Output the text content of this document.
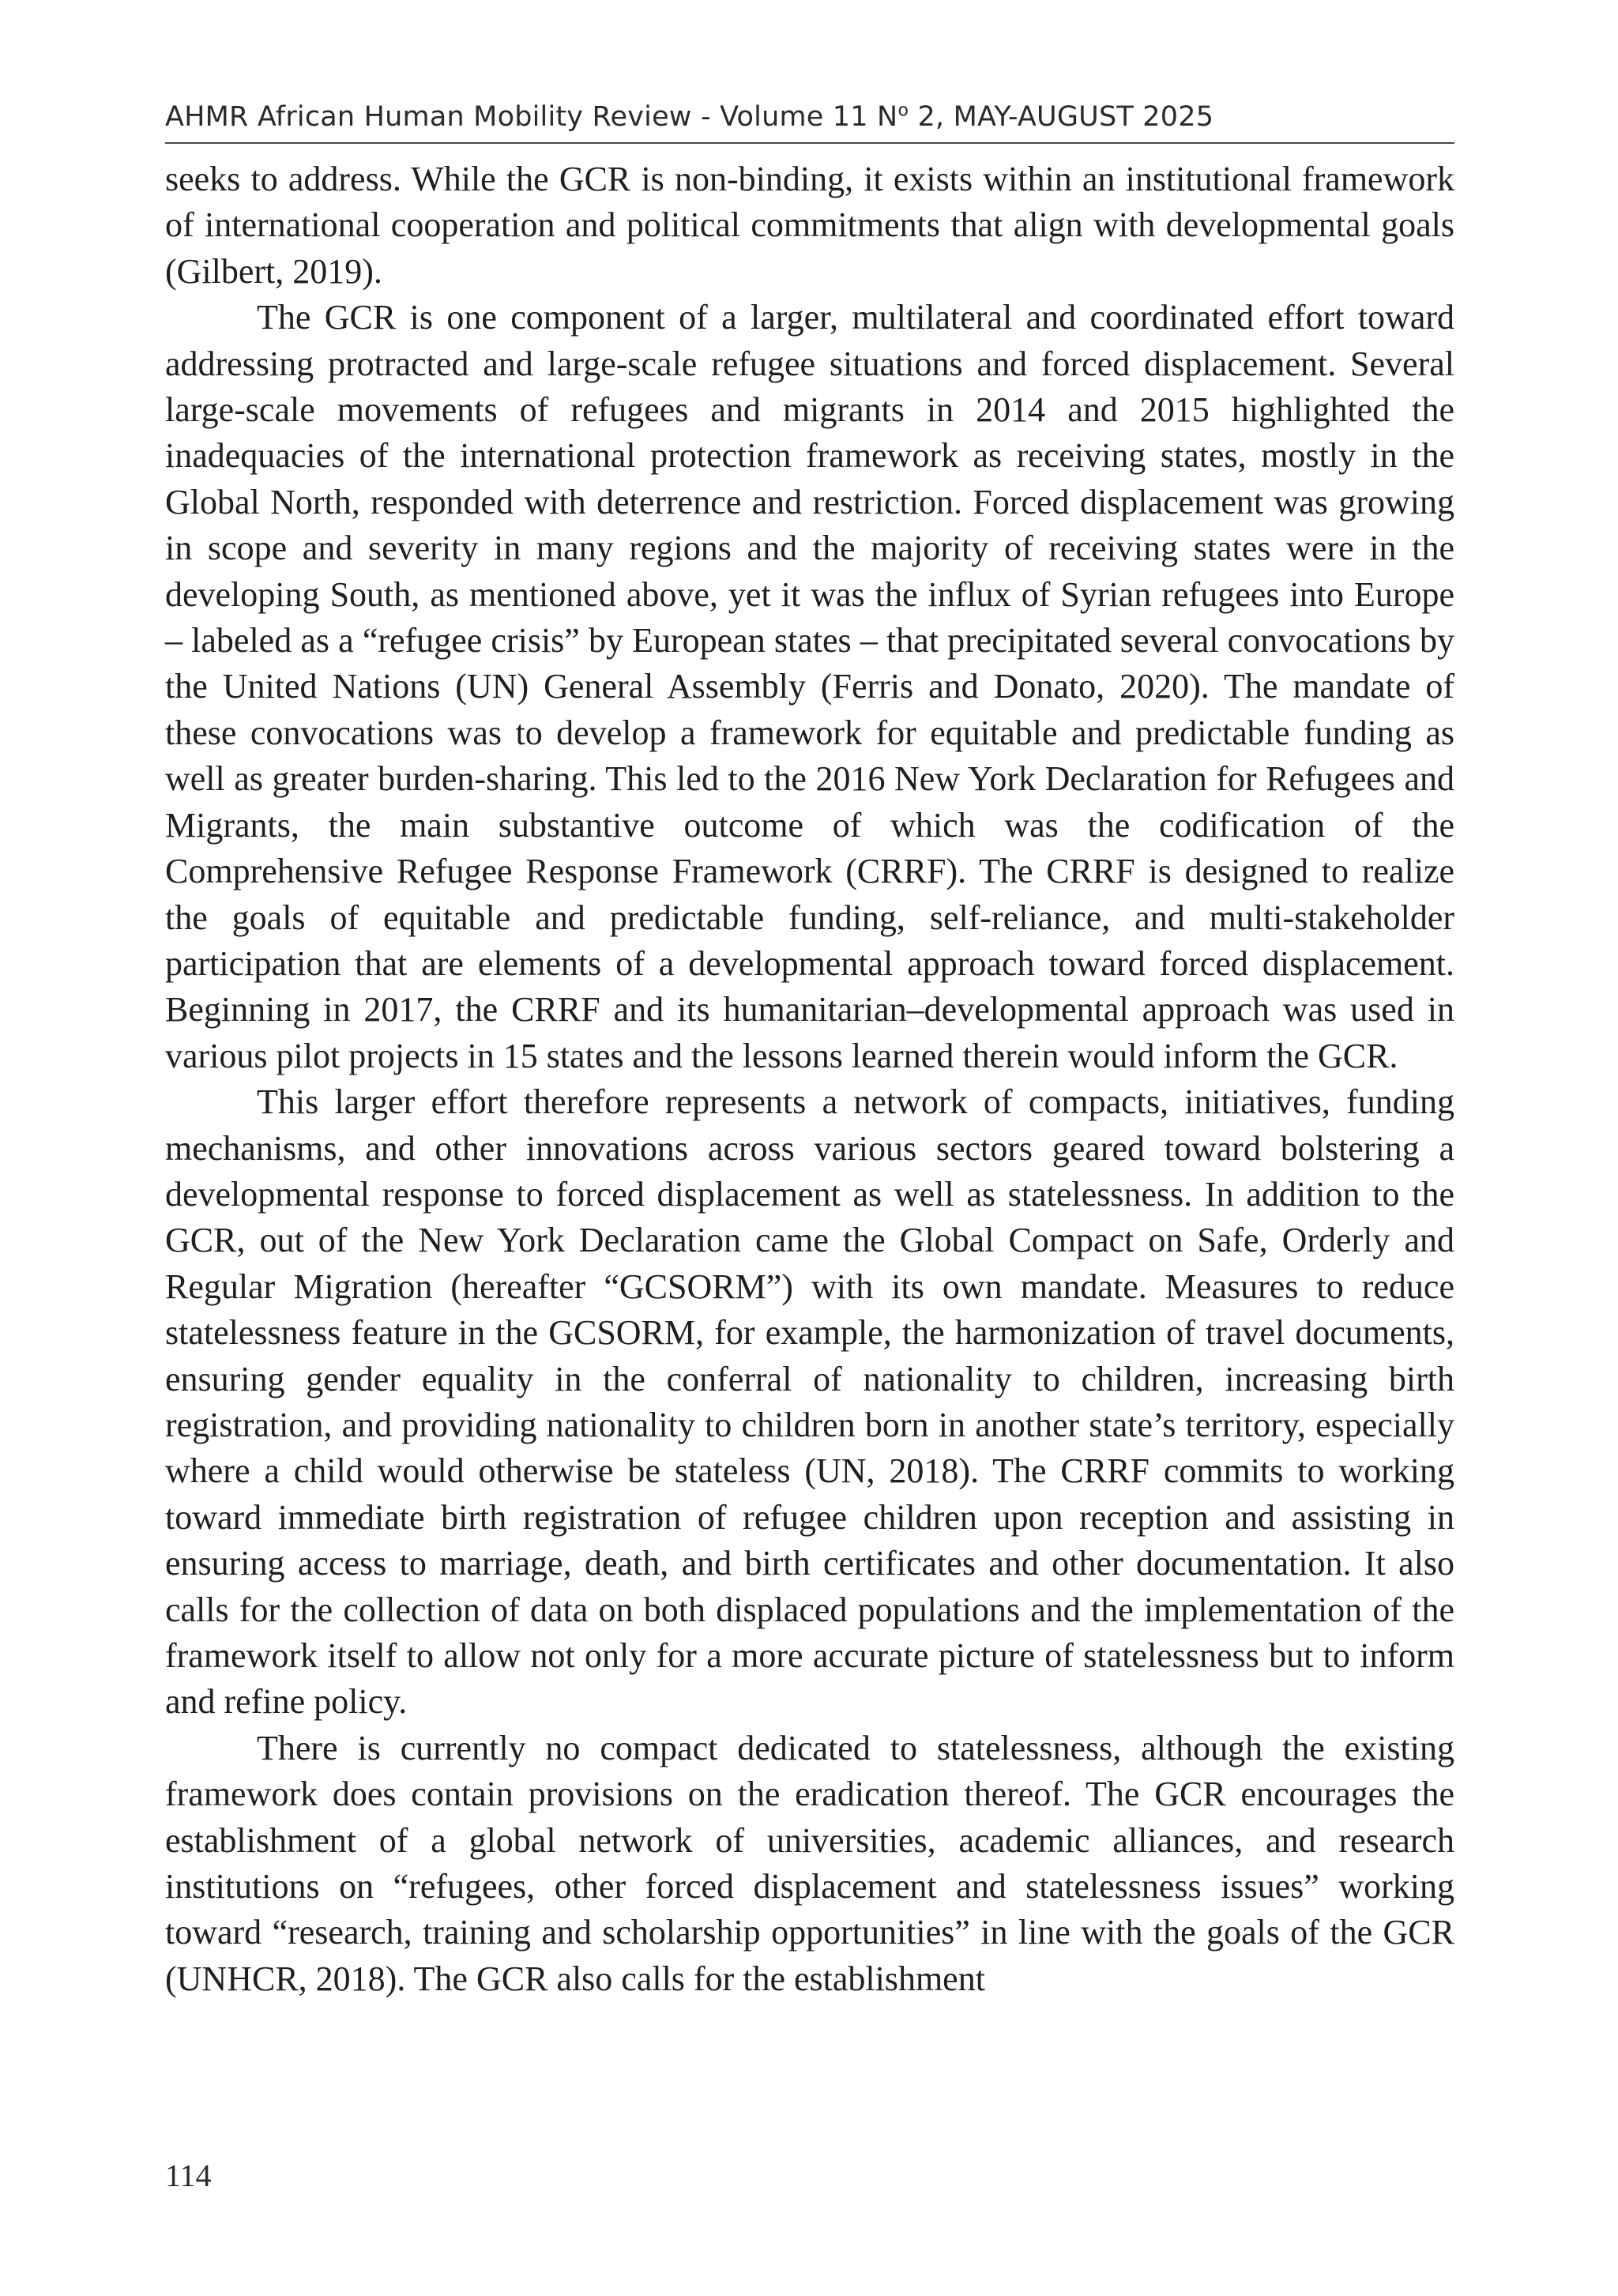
AHMR African Human Mobility Review - Volume 11 $N^o$ 2, MAY-AUGUST 2025

seeks to address. While the GCR is non-binding, it exists within an institutional framework of international cooperation and political commitments that align with developmental goals (Gilbert, 2019).

The GCR is one component of a larger, multilateral and coordinated effort toward addressing protracted and large-scale refugee situations and forced displacement. Several large-scale movements of refugees and migrants in 2014 and 2015 highlighted the inadequacies of the international protection framework as receiving states, mostly in the Global North, responded with deterrence and restriction. Forced displacement was growing in scope and severity in many regions and the majority of receiving states were in the developing South, as mentioned above, yet it was the influx of Syrian refugees into Europe – labeled as a “refugee crisis” by European states – that precipitated several convocations by the United Nations (UN) General Assembly (Ferris and Donato, 2020). The mandate of these convocations was to develop a framework for equitable and predictable funding as well as greater burden-sharing. This led to the 2016 New York Declaration for Refugees and Migrants, the main substantive outcome of which was the codification of the Comprehensive Refugee Response Framework (CRRF). The CRRF is designed to realize the goals of equitable and predictable funding, self-reliance, and multi-stakeholder participation that are elements of a developmental approach toward forced displacement. Beginning in 2017, the CRRF and its humanitarian–developmental approach was used in various pilot projects in 15 states and the lessons learned therein would inform the GCR.

This larger effort therefore represents a network of compacts, initiatives, funding mechanisms, and other innovations across various sectors geared toward bolstering a developmental response to forced displacement as well as statelessness. In addition to the GCR, out of the New York Declaration came the Global Compact on Safe, Orderly and Regular Migration (hereafter “GCSORM”) with its own mandate. Measures to reduce statelessness feature in the GCSORM, for example, the harmonization of travel documents, ensuring gender equality in the conferral of nationality to children, increasing birth registration, and providing nationality to children born in another state’s territory, especially where a child would otherwise be stateless (UN, 2018). The CRRF commits to working toward immediate birth registration of refugee children upon reception and assisting in ensuring access to marriage, death, and birth certificates and other documentation. It also calls for the collection of data on both displaced populations and the implementation of the framework itself to allow not only for a more accurate picture of statelessness but to inform and refine policy.

There is currently no compact dedicated to statelessness, although the existing framework does contain provisions on the eradication thereof. The GCR encourages the establishment of a global network of universities, academic alliances, and research institutions on “refugees, other forced displacement and statelessness issues” working toward “research, training and scholarship opportunities” in line with the goals of the GCR (UNHCR, 2018). The GCR also calls for the establishment

114
